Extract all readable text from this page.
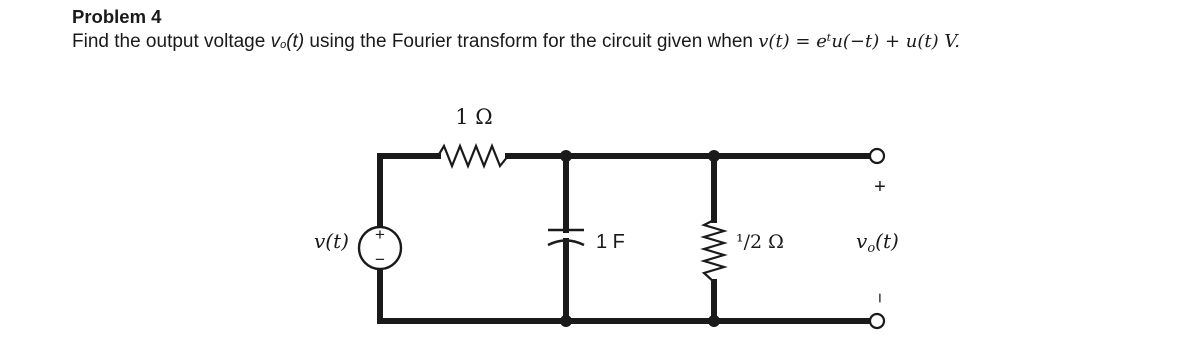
Problem 4
Find the output voltage vo(t) using the Fourier transform for the circuit given when v(t) = eᵗu(−t) + u(t) V.
+
−
1 Ω
v(t)	1 F	¹/2 Ω
+
−
$v_o(t)$
